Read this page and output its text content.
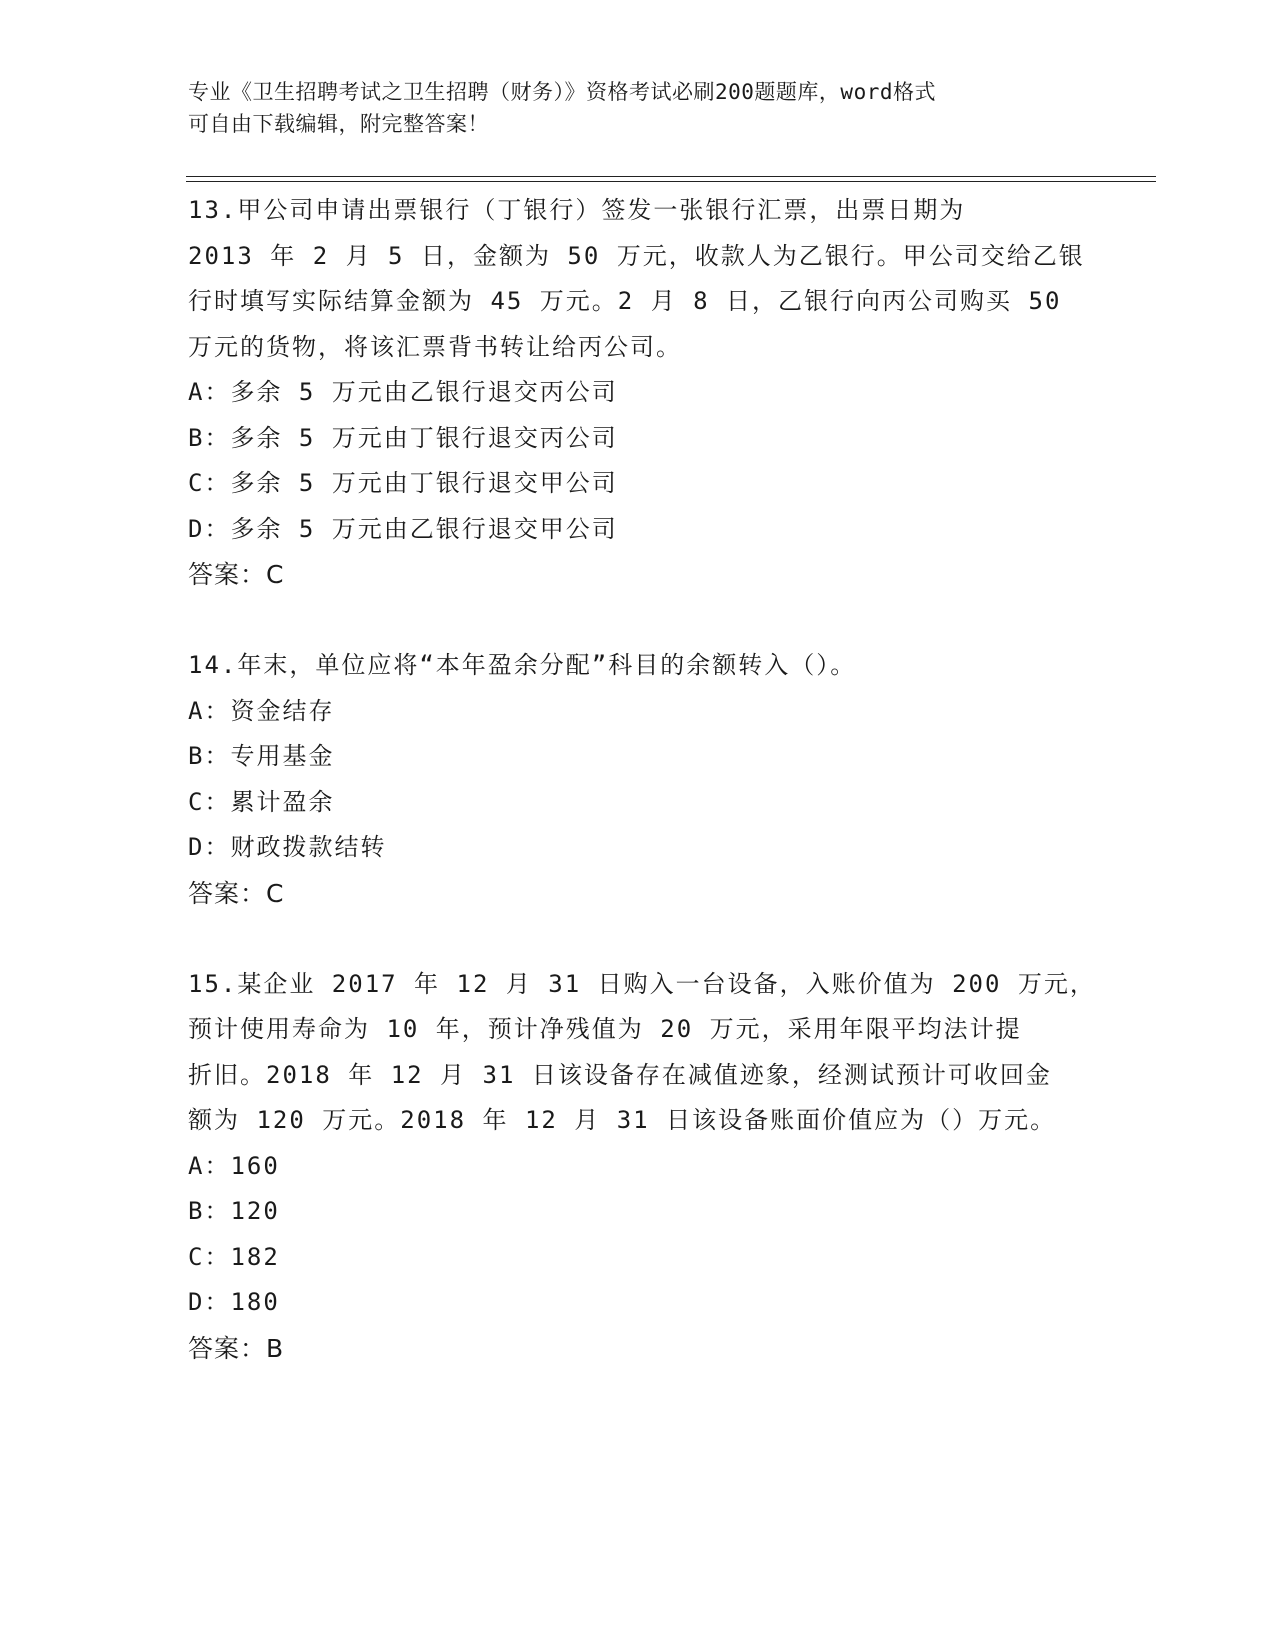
专业《卫生招聘考试之卫生招聘（财务）》资格考试必刷200题题库，word格式
可自由下载编辑，附完整答案！
13.甲公司申请出票银行（丁银行）签发一张银行汇票，出票日期为
2013 年 2 月 5 日，金额为 50 万元，收款人为乙银行。甲公司交给乙银
行时填写实际结算金额为 45 万元。2 月 8 日，乙银行向丙公司购买 50
万元的货物，将该汇票背书转让给丙公司。
A：多余 5 万元由乙银行退交丙公司
B：多余 5 万元由丁银行退交丙公司
C：多余 5 万元由丁银行退交甲公司
D：多余 5 万元由乙银行退交甲公司
答案：C
14.年末，单位应将“本年盈余分配”科目的余额转入（）。
A：资金结存
B：专用基金
C：累计盈余
D：财政拨款结转
答案：C
15.某企业 2017 年 12 月 31 日购入一台设备，入账价值为 200 万元，
预计使用寿命为 10 年，预计净残值为 20 万元，采用年限平均法计提
折旧。2018 年 12 月 31 日该设备存在减值迹象，经测试预计可收回金
额为 120 万元。2018 年 12 月 31 日该设备账面价值应为（）万元。
A：160
B：120
C：182
D：180
答案：B
